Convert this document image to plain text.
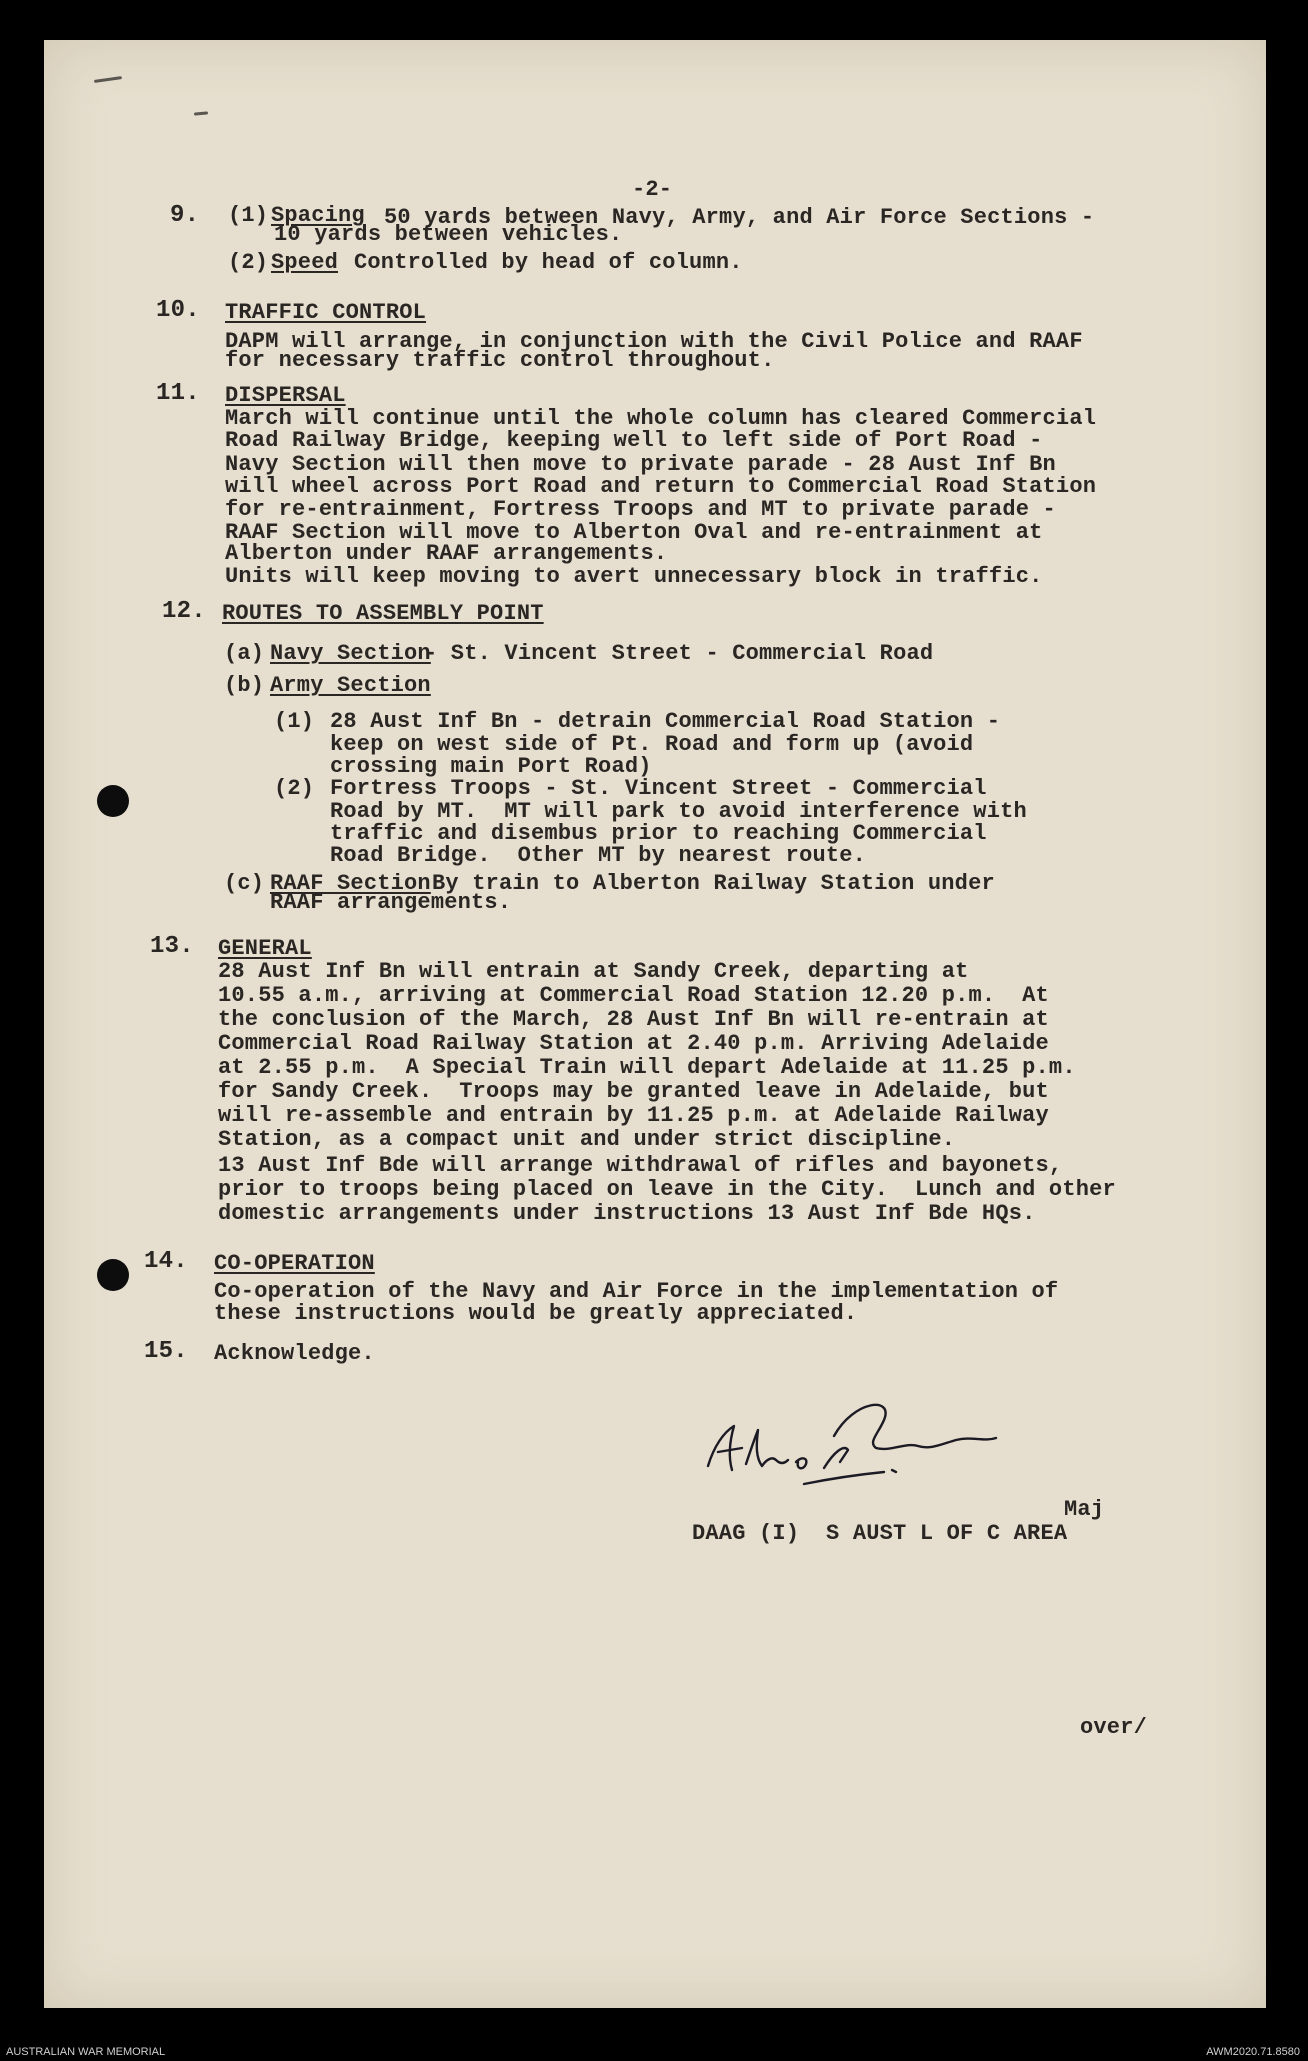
-2-
9. (1) Spacing 50 yards between Navy, Army, and Air Force Sections -
10 yards between vehicles.
(2) Speed Controlled by head of column.
10. TRAFFIC CONTROL
DAPM will arrange, in conjunction with the Civil Police and RAAF
for necessary traffic control throughout.
11. DISPERSAL
March will continue until the whole column has cleared Commercial
Road Railway Bridge, keeping well to left side of Port Road -
Navy Section will then move to private parade - 28 Aust Inf Bn
will wheel across Port Road and return to Commercial Road Station
for re-entrainment, Fortress Troops and MT to private parade -
RAAF Section will move to Alberton Oval and re-entrainment at
Alberton under RAAF arrangements.
Units will keep moving to avert unnecessary block in traffic.
12. ROUTES TO ASSEMBLY POINT
(a) Navy Section
- St. Vincent Street - Commercial Road
(b) Army Section
(1) 28 Aust Inf Bn - detrain Commercial Road Station -
keep on west side of Pt. Road and form up (avoid
crossing main Port Road)
(2) Fortress Troops - St. Vincent Street - Commercial
Road by MT.  MT will park to avoid interference with
traffic and disembus prior to reaching Commercial
Road Bridge.  Other MT by nearest route.
(c) RAAF Section By train to Alberton Railway Station under
RAAF arrangements.
13. GENERAL
28 Aust Inf Bn will entrain at Sandy Creek, departing at
10.55 a.m., arriving at Commercial Road Station 12.20 p.m.  At
the conclusion of the March, 28 Aust Inf Bn will re-entrain at
Commercial Road Railway Station at 2.40 p.m. Arriving Adelaide
at 2.55 p.m.  A Special Train will depart Adelaide at 11.25 p.m.
for Sandy Creek.  Troops may be granted leave in Adelaide, but
will re-assemble and entrain by 11.25 p.m. at Adelaide Railway
Station, as a compact unit and under strict discipline.
13 Aust Inf Bde will arrange withdrawal of rifles and bayonets,
prior to troops being placed on leave in the City.  Lunch and other
domestic arrangements under instructions 13 Aust Inf Bde HQs.
14. CO-OPERATION
Co-operation of the Navy and Air Force in the implementation of
these instructions would be greatly appreciated.
15. Acknowledge.
Maj
DAAG (I)  S AUST L OF C AREA
over/
AUSTRALIAN WAR MEMORIAL	AWM2020.71.8580
